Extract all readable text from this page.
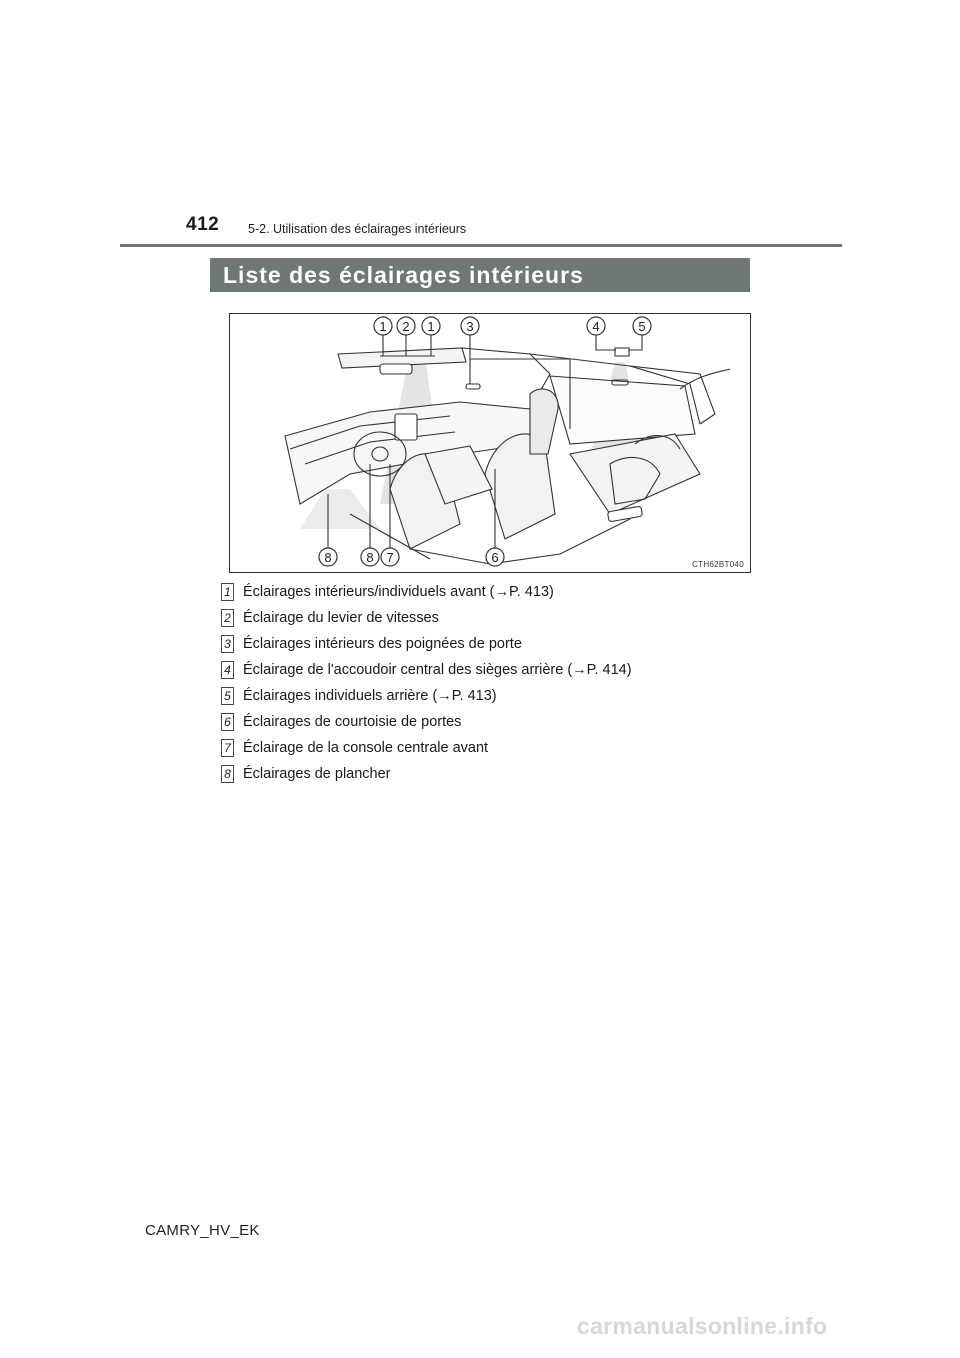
412 5-2. Utilisation des éclairages intérieurs
Liste des éclairages intérieurs
1 2 1 3	4	5
8	8 7	6	CTH62BT040
1 Éclairages intérieurs/individuels avant (→P. 413)
2 Éclairage du levier de vitesses
3 Éclairages intérieurs des poignées de porte
4 Éclairage de l'accoudoir central des sièges arrière (→P. 414)
5 Éclairages individuels arrière (→P. 413)
6 Éclairages de courtoisie de portes
7 Éclairage de la console centrale avant
8 Éclairages de plancher
CAMRY_HV_EK
carmanualsonline.info
